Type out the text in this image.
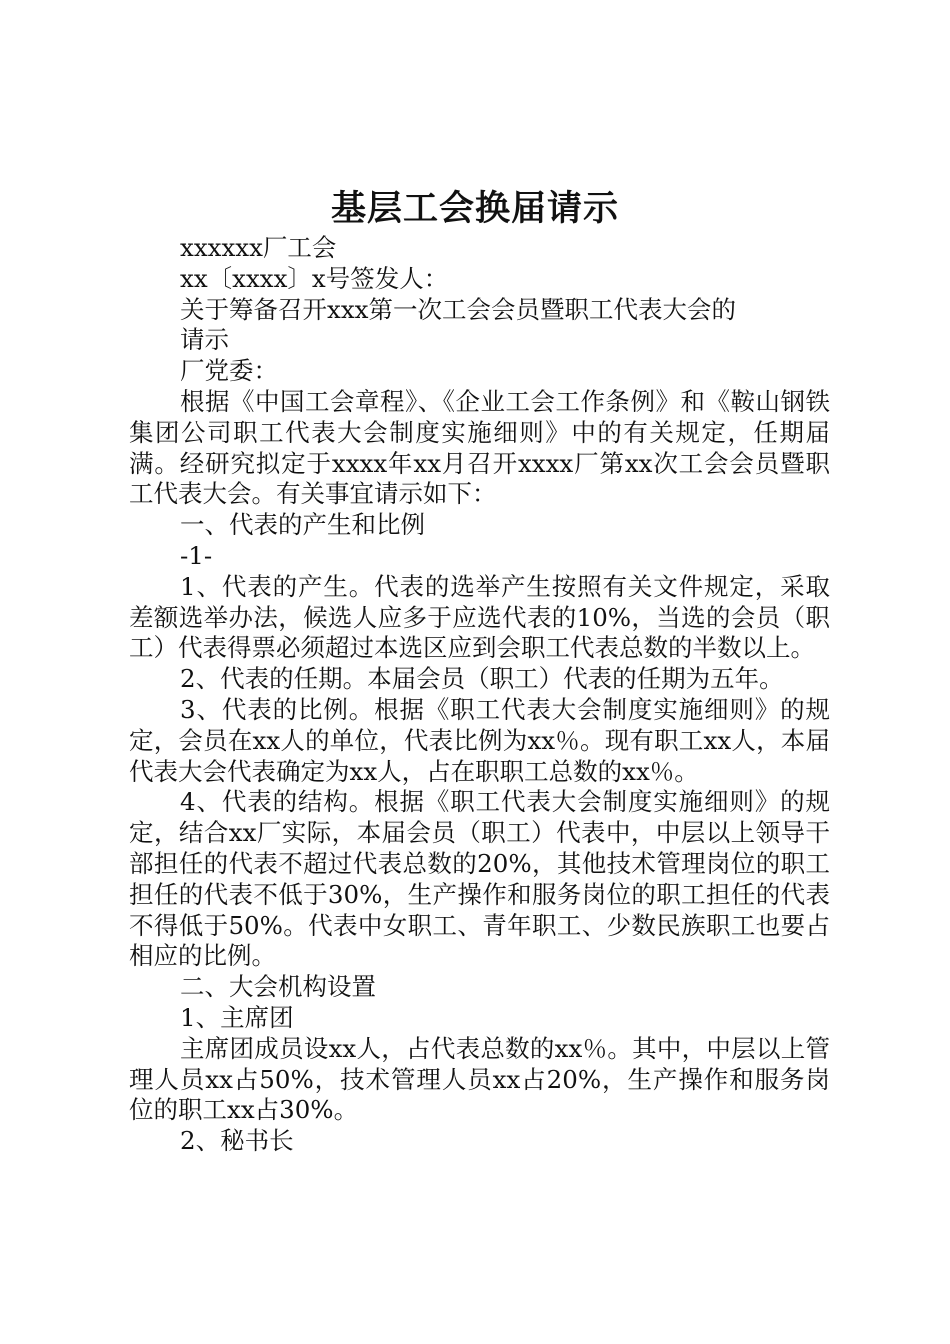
基层工会换届请示

xxxxxx厂工会

xx〔xxxx〕x号签发人：

关于筹备召开xxx第一次工会会员暨职工代表大会的

请示

厂党委：

根据《中国工会章程》、《企业工会工作条例》和《鞍山钢铁集团公司职工代表大会制度实施细则》中的有关规定，任期届满。经研究拟定于xxxx年xx月召开xxxx厂第xx次工会会员暨职工代表大会。有关事宜请示如下：

一、代表的产生和比例

-1-

1、代表的产生。代表的选举产生按照有关文件规定，采取差额选举办法，候选人应多于应选代表的10%，当选的会员（职工）代表得票必须超过本选区应到会职工代表总数的半数以上。

2、代表的任期。本届会员（职工）代表的任期为五年。

3、代表的比例。根据《职工代表大会制度实施细则》的规定，会员在xx人的单位，代表比例为xx％。现有职工xx人，本届代表大会代表确定为xx人，占在职职工总数的xx％。

4、代表的结构。根据《职工代表大会制度实施细则》的规定，结合xx厂实际，本届会员（职工）代表中，中层以上领导干部担任的代表不超过代表总数的20%，其他技术管理岗位的职工担任的代表不低于30%，生产操作和服务岗位的职工担任的代表不得低于50%。代表中女职工、青年职工、少数民族职工也要占相应的比例。

二、大会机构设置

1、主席团

主席团成员设xx人，占代表总数的xx％。其中，中层以上管理人员xx占50%，技术管理人员xx占20%，生产操作和服务岗位的职工xx占30%。

2、秘书长
